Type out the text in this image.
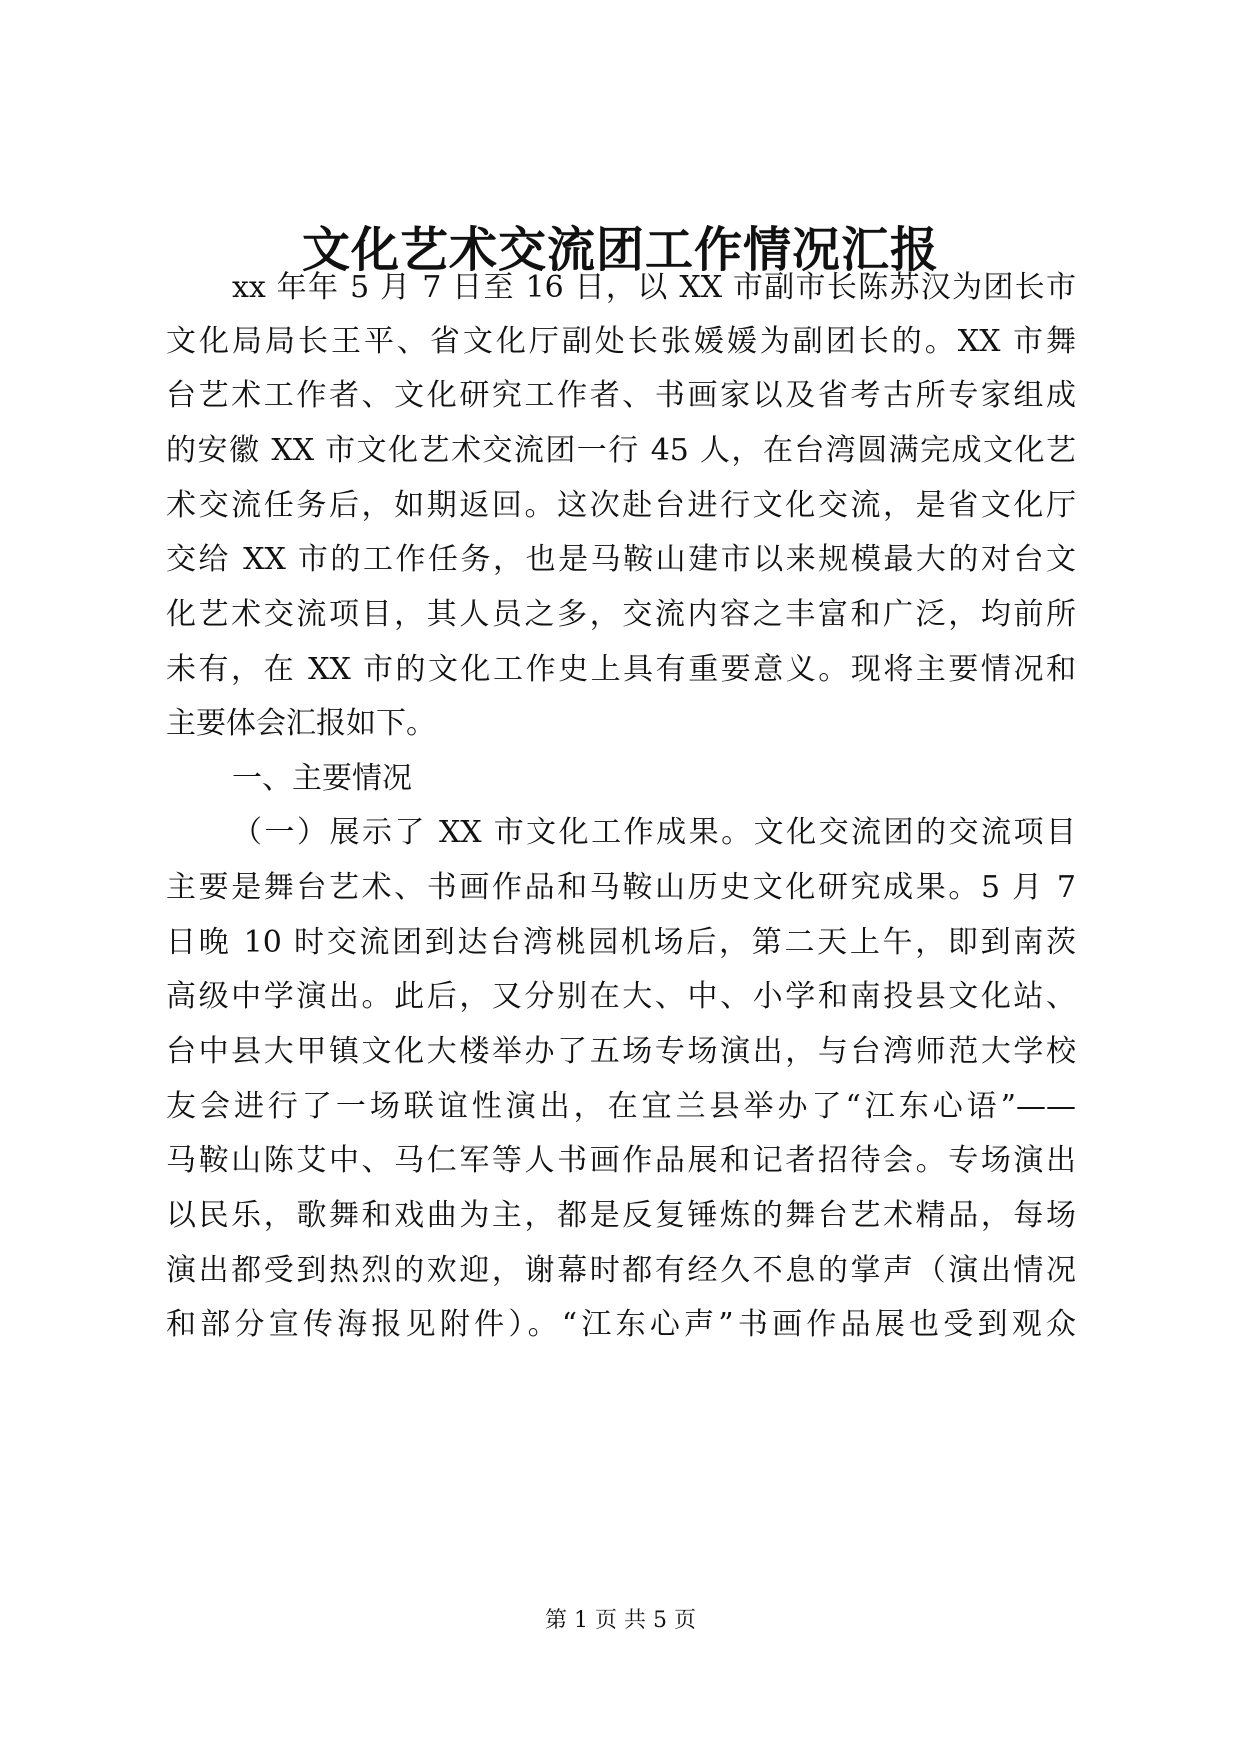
文化艺术交流团工作情况汇报
xx 年年 5 月 7 日至 16 日，以 XX 市副市长陈苏汉为团长市
文化局局长王平、省文化厅副处长张媛媛为副团长的。XX 市舞
台艺术工作者、文化研究工作者、书画家以及省考古所专家组成
的安徽 XX 市文化艺术交流团一行 45 人，在台湾圆满完成文化艺
术交流任务后，如期返回。这次赴台进行文化交流，是省文化厅
交给 XX 市的工作任务，也是马鞍山建市以来规模最大的对台文
化艺术交流项目，其人员之多，交流内容之丰富和广泛，均前所
未有，在 XX 市的文化工作史上具有重要意义。现将主要情况和
主要体会汇报如下。
一、主要情况
（一）展示了 XX 市文化工作成果。文化交流团的交流项目
主要是舞台艺术、书画作品和马鞍山历史文化研究成果。5 月 7
日晚 10 时交流团到达台湾桃园机场后，第二天上午，即到南茨
高级中学演出。此后，又分别在大、中、小学和南投县文化站、
台中县大甲镇文化大楼举办了五场专场演出，与台湾师范大学校
友会进行了一场联谊性演出，在宜兰县举办了“江东心语”——
马鞍山陈艾中、马仁军等人书画作品展和记者招待会。专场演出
以民乐，歌舞和戏曲为主，都是反复锤炼的舞台艺术精品，每场
演出都受到热烈的欢迎，谢幕时都有经久不息的掌声（演出情况
和部分宣传海报见附件）。“江东心声”书画作品展也受到观众
第 1 页 共 5 页
